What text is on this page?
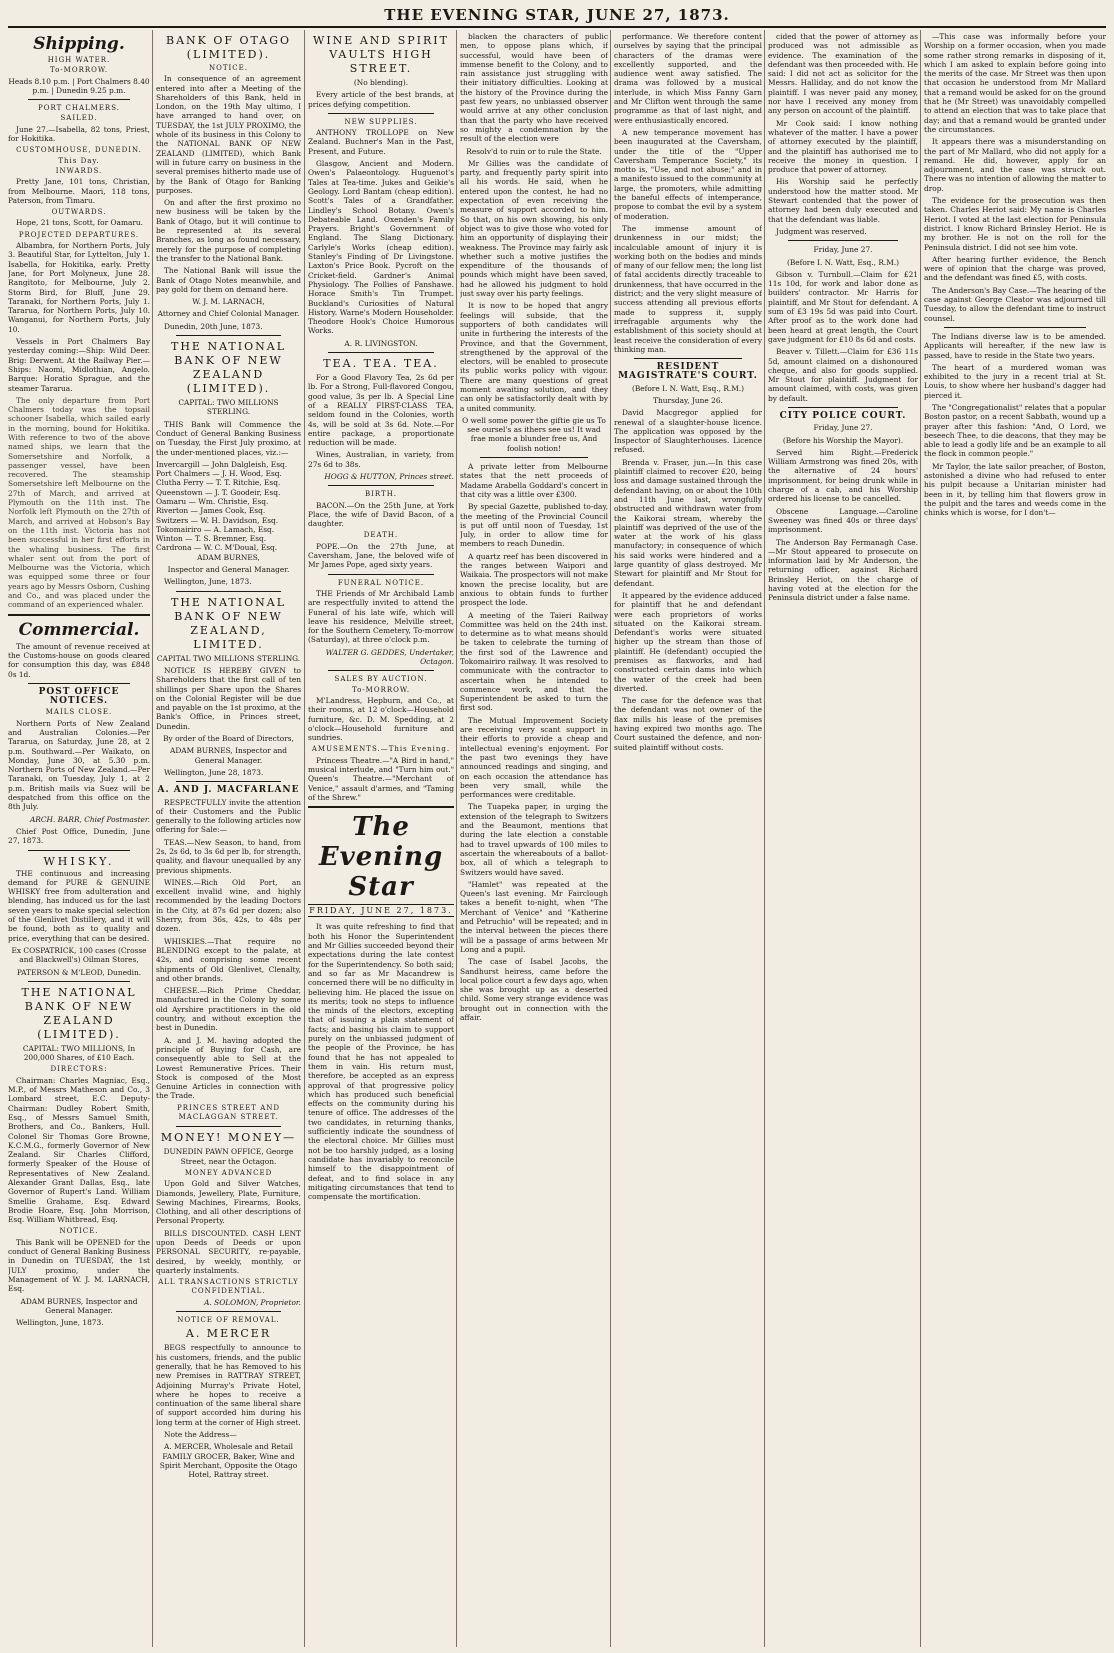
THE EVENING STAR, JUNE 27, 1873.
Shipping.
HIGH WATER.
To-MORROW.

Heads 8.10 p.m. | Port Chalmers 8.40 p.m. | Dunedin 9.25 p.m.

PORT CHALMERS.
SAILED.

June 27.—Isabella, 82 tons, Priest, for Hokitika.

CUSTOMHOUSE, DUNEDIN.
This Day.
INWARDS.

Pretty Jane, 101 tons, Christian, from Melbourne. Maori, 118 tons, Paterson, from Timaru.

OUTWARDS.

Hope, 21 tons, Scott, for Oamaru.

PROJECTED DEPARTURES.

Albambra, for Northern Ports, July 3. Beautiful Star, for Lyttelton, July 1. Isabella, for Hokitika, early. Pretty Jane, for Port Molyneux, June 28. Rangitoto, for Melbourne, July 2. Storm Bird, for Bluff, June 29. Taranaki, for Northern Ports, July 1. Tararua, for Northern Ports, July 10. Wanganui, for Northern Ports, July 10.

Vessels in Port Chalmers Bay yesterday coming:—Ship: Wild Deer. Brig: Derwent. At the Railway Pier.—Ships: Naomi, Midlothian, Angelo. Barque: Horatio Sprague, and the steamer Tararua.

The only departure from Port Chalmers today was the topsail schooner Isabella, which sailed early in the morning, bound for Hokitika. With reference to two of the above named ships, we learn that the Somersetshire and Norfolk, a passenger vessel, have been recovered. The steamship Somersetshire left Melbourne on the 27th of March, and arrived at Plymouth on the 11th inst. The Norfolk left Plymouth on the 27th of March, and arrived at Hobson's Bay on the 11th inst. Victoria has not been successful in her first efforts in the whaling business. The first whaler sent out from the port of Melbourne was the Victoria, which was equipped some three or four years ago by Messrs Osborn, Cushing and Co., and was placed under the command of an experienced whaler.

Commercial.

The amount of revenue received at the Customs-house on goods cleared for consumption this day, was £848 0s 1d.

POST OFFICE NOTICES.
MAILS CLOSE.

Northern Ports of New Zealand and Australian Colonies.—Per Tararua, on Saturday, June 28, at 2 p.m. Southward.—Per Waikato, on Monday, June 30, at 5.30 p.m. Northern Ports of New Zealand.—Per Taranaki, on Tuesday, July 1, at 2 p.m. British mails via Suez will be despatched from this office on the 8th July.

ARCH. BARR, Chief Postmaster.

Chief Post Office, Dunedin, June 27, 1873.

WHISKY.

THE continuous and increasing demand for PURE & GENUINE WHISKY free from adulteration and blending, has induced us for the last seven years to make special selection of the Glenlivet Distillery, and it will be found, both as to quality and price, everything that can be desired.

Ex COSPATRICK, 100 cases (Crosse and Blackwell's) Oilman Stores,

PATERSON & M'LEOD, Dunedin.

THE NATIONAL BANK OF NEW ZEALAND (LIMITED).

CAPITAL: TWO MILLIONS, In 200,000 Shares, of £10 Each.

DIRECTORS:

Chairman: Charles Magniac, Esq., M.P., of Messrs Matheson and Co., 3 Lombard street, E.C. Deputy-Chairman: Dudley Robert Smith, Esq., of Messrs Samuel Smith, Brothers, and Co., Bankers, Hull. Colonel Sir Thomas Gore Browne, K.C.M.G., formerly Governor of New Zealand. Sir Charles Clifford, formerly Speaker of the House of Representatives of New Zealand. Alexander Grant Dallas, Esq., late Governor of Rupert's Land. William Smellie Grahame, Esq. Edward Brodie Hoare, Esq. John Morrison, Esq. William Whitbread, Esq.

NOTICE.

This Bank will be OPENED for the conduct of General Banking Business in Dunedin on TUESDAY, the 1st JULY proximo, under the Management of W. J. M. LARNACH, Esq.

ADAM BURNES, Inspector and General Manager.

Wellington, June, 1873.

BANK OF OTAGO (LIMITED).
NOTICE.

In consequence of an agreement entered into after a Meeting of the Shareholders of this Bank, held in London, on the 19th May ultimo, I have arranged to hand over, on TUESDAY, the 1st JULY PROXIMO, the whole of its business in this Colony to the NATIONAL BANK OF NEW ZEALAND (LIMITED), which Bank will in future carry on business in the several premises hitherto made use of by the Bank of Otago for Banking purposes.

On and after the first proximo no new business will be taken by the Bank of Otago, but it will continue to be represented at its several Branches, as long as found necessary, merely for the purpose of completing the transfer to the National Bank.

The National Bank will issue the Bank of Otago Notes meanwhile, and pay gold for them on demand here.

W. J. M. LARNACH,

Attorney and Chief Colonial Manager.

Dunedin, 20th June, 1873.

THE NATIONAL BANK OF NEW ZEALAND (LIMITED).

CAPITAL: TWO MILLIONS STERLING.

THIS Bank will Commence the Conduct of General Banking Business on Tuesday, the First July proximo, at the under-mentioned places, viz.:—

Invercargill — John Dalgleish, Esq.

Port Chalmers — J. H. Wood, Esq.

Clutha Ferry — T. T. Ritchie, Esq.

Queenstown — J. T. Goodeir, Esq.

Oamaru — Wm. Christie, Esq.

Riverton — James Cook, Esq.

Switzers — W. H. Davidson, Esq.

Tokomairiro — A. Lamach, Esq.

Winton — T. S. Bremner, Esq.

Cardrona — W. C. M'Doual, Esq.

ADAM BURNES,

Inspector and General Manager.

Wellington, June, 1873.

THE NATIONAL BANK OF NEW ZEALAND, LIMITED.

CAPITAL TWO MILLIONS STERLING.

NOTICE IS HEREBY GIVEN to Shareholders that the first call of ten shillings per Share upon the Shares on the Colonial Register will be due and payable on the 1st proximo, at the Bank's Office, in Princes street, Dunedin.

By order of the Board of Directors,

ADAM BURNES, Inspector and General Manager.

Wellington, June 28, 1873.

A. AND J. MACFARLANE

RESPECTFULLY invite the attention of their Customers and the Public generally to the following articles now offering for Sale:—

TEAS.—New Season, to hand, from 2s, 2s 6d, to 3s 6d per lb, for strength, quality, and flavour unequalled by any previous shipments.

WINES.—Rich Old Port, an excellent invalid wine, and highly recommended by the leading Doctors in the City, at 87s 6d per dozen; also Sherry, from 36s, 42s, to 48s per dozen.

WHISKIES.—That require no BLENDING except to the palate, at 42s, and comprising some recent shipments of Old Glenlivet, Clenalty, and other brands.

CHEESE.—Rich Prime Cheddar, manufactured in the Colony by some old Ayrshire practitioners in the old country, and without exception the best in Dunedin.

A. and J. M. having adopted the principle of Buying for Cash, are consequently able to Sell at the Lowest Remunerative Prices. Their Stock is composed of the Most Genuine Articles in connection with the Trade.

PRINCES STREET AND MACLAGGAN STREET.
MONEY! MONEY—

DUNEDIN PAWN OFFICE, George Street, near the Octagon.

MONEY ADVANCED

Upon Gold and Silver Watches, Diamonds, Jewellery, Plate, Furniture, Sewing Machines, Firearms, Books, Clothing, and all other descriptions of Personal Property.

BILLS DISCOUNTED. CASH LENT upon Deeds of Deeds or upon PERSONAL SECURITY, re-payable, desired, by weekly, monthly, or quarterly instalments.

ALL TRANSACTIONS STRICTLY CONFIDENTIAL.

A. SOLOMON, Proprietor.

NOTICE OF REMOVAL.
A. MERCER

BEGS respectfully to announce to his customers, friends, and the public generally, that he has Removed to his new Premises in RATTRAY STREET, Adjoining Murray's Private Hotel, where he hopes to receive a continuation of the same liberal share of support accorded him during his long term at the corner of High street.

Note the Address—

A. MERCER, Wholesale and Retail FAMILY GROCER, Baker, Wine and Spirit Merchant, Opposite the Otago Hotel, Rattray street.

WINE AND SPIRIT VAULTS HIGH STREET.

(No blending).

Every article of the best brands, at prices defying competition.

NEW SUPPLIES.

ANTHONY TROLLOPE on New Zealand. Buchner's Man in the Past, Present, and Future.

Glasgow, Ancient and Modern. Owen's Palaeontology. Huguenot's Tales at Tea-time. Jukes and Geikie's Geology. Lord Bantam (cheap edition). Scott's Tales of a Grandfather. Lindley's School Botany. Owen's Debateable Land. Oxenden's Family Prayers. Bright's Government of England. The Slang Dictionary. Carlyle's Works (cheap edition). Stanley's Finding of Dr Livingstone. Laxton's Price Book. Pycroft on the Cricket-field. Gardner's Animal Physiology. The Follies of Fanshawe. Horace Smith's Tin Trumpet. Buckland's Curiosities of Natural History. Warne's Modern Householder. Theodore Hook's Choice Humorous Works.

A. R. LIVINGSTON.

TEA. TEA. TEA.

For a Good Flavory Tea, 2s 6d per lb. For a Strong, Full-flavored Congou, good value, 3s per lb. A Special Line of a REALLY FIRST-CLASS TEA, seldom found in the Colonies, worth 4s, will be sold at 3s 6d. Note.—For entire package, a proportionate reduction will be made.

Wines, Australian, in variety, from 27s 6d to 38s.

HOGG & HUTTON, Princes street.

BIRTH.

BACON.—On the 25th June, at York Place, the wife of David Bacon, of a daughter.

DEATH.

POPE.—On the 27th June, at Caversham, Jane, the beloved wife of Mr James Pope, aged sixty years.

FUNERAL NOTICE.

THE Friends of Mr Archibald Lamb are respectfully invited to attend the Funeral of his late wife, which will leave his residence, Melville street, for the Southern Cemetery, To-morrow (Saturday), at three o'clock p.m.

WALTER G. GEDDES, Undertaker, Octagon.

SALES BY AUCTION.
To-MORROW.

M'Landress, Hepburn, and Co., at their rooms, at 12 o'clock—Household furniture, &c. D. M. Spedding, at 2 o'clock—Household furniture and sundries.

AMUSEMENTS.—This Evening.

Princess Theatre.—"A Bird in hand," musical interlude, and "Turn him out." Queen's Theatre.—"Merchant of Venice," assault d'armes, and "Taming of the Shrew."

The Evening Star
FRIDAY, JUNE 27, 1873.

It was quite refreshing to find that both his Honor the Superintendent and Mr Gillies succeeded beyond their expectations during the late contest for the Superintendency. So both said; and so far as Mr Macandrew is concerned there will be no difficulty in believing him. He placed the issue on its merits; took no steps to influence the minds of the electors, excepting that of issuing a plain statement of facts; and basing his claim to support purely on the unbiassed judgment of the people of the Province, he has found that he has not appealed to them in vain. His return must, therefore, be accepted as an express approval of that progressive policy which has produced such beneficial effects on the community during his tenure of office. The addresses of the two candidates, in returning thanks, sufficiently indicate the soundness of the electoral choice. Mr Gillies must not be too harshly judged, as a losing candidate has invariably to reconcile himself to the disappointment of defeat, and to find solace in any mitigating circumstances that tend to compensate the mortification.

blacken the characters of public men, to oppose plans which, if successful, would have been of immense benefit to the Colony, and to rain assistance just struggling with their initiatory difficulties. Looking at the history of the Province during the past few years, no unbiassed observer would arrive at any other conclusion than that the party who have received so mighty a condemnation by the result of the election were

Resolv'd to ruin or to rule the State.

Mr Gillies was the candidate of party, and frequently party spirit into all his words. He said, when he entered upon the contest, he had no expectation of even receiving the measure of support accorded to him. So that, on his own showing, his only object was to give those who voted for him an opportunity of displaying their weakness. The Province may fairly ask whether such a motive justifies the expenditure of the thousands of pounds which might have been saved, had he allowed his judgment to hold just sway over his party feelings.

It is now to be hoped that angry feelings will subside, that the supporters of both candidates will unite in furthering the interests of the Province, and that the Government, strengthened by the approval of the electors, will be enabled to prosecute its public works policy with vigour. There are many questions of great moment awaiting solution, and they can only be satisfactorily dealt with by a united community.

O well some power the giftie gie us To see oursel's as ithers see us! It wad frae monie a blunder free us, And foolish notion!

A private letter from Melbourne states that the nett proceeds of Madame Arabella Goddard's concert in that city was a little over £300.

By special Gazette, published to-day, the meeting of the Provincial Council is put off until noon of Tuesday, 1st July, in order to allow time for members to reach Dunedin.

A quartz reef has been discovered in the ranges between Waipori and Waikaia. The prospectors will not make known the precise locality, but are anxious to obtain funds to further prospect the lode.

A meeting of the Taieri Railway Committee was held on the 24th inst. to determine as to what means should be taken to celebrate the turning of the first sod of the Lawrence and Tokomairiro railway. It was resolved to communicate with the contractor to ascertain when he intended to commence work, and that the Superintendent be asked to turn the first sod.

The Mutual Improvement Society are receiving very scant support in their efforts to provide a cheap and intellectual evening's enjoyment. For the past two evenings they have announced readings and singing, and on each occasion the attendance has been very small, while the performances were creditable.

The Tuapeka paper, in urging the extension of the telegraph to Switzers and the Beaumont, mentions that during the late election a constable had to travel upwards of 100 miles to ascertain the whereabouts of a ballot-box, all of which a telegraph to Switzers would have saved.

"Hamlet" was repeated at the Queen's last evening. Mr Fairclough takes a benefit to-night, when "The Merchant of Venice" and "Katherine and Petruchio" will be repeated; and in the interval between the pieces there will be a passage of arms between Mr Long and a pupil.

The case of Isabel Jacobs, the Sandhurst heiress, came before the local police court a few days ago, when she was brought up as a deserted child. Some very strange evidence was brought out in connection with the affair.

performance. We therefore content ourselves by saying that the principal characters of the dramas were excellently supported, and the audience went away satisfied. The drama was followed by a musical interlude, in which Miss Fanny Garn and Mr Clifton went through the same programme as that of last night, and were enthusiastically encored.

A new temperance movement has been inaugurated at the Caversham, under the title of the "Upper Caversham Temperance Society," its motto is, "Use, and not abuse;" and in a manifesto issued to the community at large, the promoters, while admitting the baneful effects of intemperance, propose to combat the evil by a system of moderation.

The immense amount of drunkenness in our midst; the incalculable amount of injury it is working both on the bodies and minds of many of our fellow men; the long list of fatal accidents directly traceable to drunkenness, that have occurred in the district; and the very slight measure of success attending all previous efforts made to suppress it, supply irrefragable arguments why the establishment of this society should at least receive the consideration of every thinking man.

RESIDENT MAGISTRATE'S COURT.

(Before I. N. Watt, Esq., R.M.)

Thursday, June 26.

David Macgregor applied for renewal of a slaughter-house licence. The application was opposed by the Inspector of Slaughterhouses. Licence refused.

Brenda v. Fraser, jun.—In this case plaintiff claimed to recover £20, being loss and damage sustained through the defendant having, on or about the 10th and 11th June last, wrongfully obstructed and withdrawn water from the Kaikorai stream, whereby the plaintiff was deprived of the use of the water at the work of his glass manufactory; in consequence of which his said works were hindered and a large quantity of glass destroyed. Mr Stewart for plaintiff and Mr Stout for defendant.

It appeared by the evidence adduced for plaintiff that he and defendant were each proprietors of works situated on the Kaikorai stream. Defendant's works were situated higher up the stream than those of plaintiff. He (defendant) occupied the premises as flaxworks, and had constructed certain dams into which the water of the creek had been diverted.

The case for the defence was that the defendant was not owner of the flax mills his lease of the premises having expired two months ago. The Court sustained the defence, and non-suited plaintiff without costs.

cided that the power of attorney as produced was not admissible as evidence. The examination of the defendant was then proceeded with. He said: I did not act as solicitor for the Messrs. Halliday, and do not know the plaintiff. I was never paid any money, nor have I received any money from any person on account of the plaintiff.

Mr Cook said: I know nothing whatever of the matter. I have a power of attorney executed by the plaintiff, and the plaintiff has authorised me to receive the money in question. I produce that power of attorney.

His Worship said he perfectly understood how the matter stood. Mr Stewart contended that the power of attorney had been duly executed and that the defendant was liable.

Judgment was reserved.

Friday, June 27.

(Before I. N. Watt, Esq., R.M.)

Gibson v. Turnbull.—Claim for £21 11s 10d, for work and labor done as builders' contractor. Mr Harris for plaintiff, and Mr Stout for defendant. A sum of £3 19s 5d was paid into Court. After proof as to the work done had been heard at great length, the Court gave judgment for £10 8s 6d and costs.

Beaver v. Tillett.—Claim for £36 11s 5d, amount claimed on a dishonoured cheque, and also for goods supplied. Mr Stout for plaintiff. Judgment for amount claimed, with costs, was given by default.

CITY POLICE COURT.

Friday, June 27.

(Before his Worship the Mayor).

Served him Right.—Frederick William Armstrong was fined 20s, with the alternative of 24 hours' imprisonment, for being drunk while in charge of a cab, and his Worship ordered his license to be cancelled.

Obscene Language.—Caroline Sweeney was fined 40s or three days' imprisonment.

The Anderson Bay Fermanagh Case.—Mr Stout appeared to prosecute on information laid by Mr Anderson, the returning officer, against Richard Brinsley Heriot, on the charge of having voted at the election for the Peninsula district under a false name.

—This case was informally before your Worship on a former occasion, when you made some rather strong remarks in disposing of it, which I am asked to explain before going into the merits of the case. Mr Street was then upon that occasion he understood from Mr Mallard that a remand would be asked for on the ground that he (Mr Street) was unavoidably compelled to attend an election that was to take place that day; and that a remand would be granted under the circumstances.

It appears there was a misunderstanding on the part of Mr Mallard, who did not apply for a remand. He did, however, apply for an adjournment, and the case was struck out. There was no intention of allowing the matter to drop.

The evidence for the prosecution was then taken. Charles Heriot said: My name is Charles Heriot. I voted at the last election for Peninsula district. I know Richard Brinsley Heriot. He is my brother. He is not on the roll for the Peninsula district. I did not see him vote.

After hearing further evidence, the Bench were of opinion that the charge was proved, and the defendant was fined £5, with costs.

The Anderson's Bay Case.—The hearing of the case against George Cleator was adjourned till Tuesday, to allow the defendant time to instruct counsel.

The Indians diverse law is to be amended. Applicants will hereafter, if the new law is passed, have to reside in the State two years.

The heart of a murdered woman was exhibited to the jury in a recent trial at St. Louis, to show where her husband's dagger had pierced it.

The "Congregationalist" relates that a popular Boston pastor, on a recent Sabbath, wound up a prayer after this fashion: "And, O Lord, we beseech Thee, to die deacons, that they may be able to lead a godly life and be an example to all the flock in common people."

Mr Taylor, the late sailor preacher, of Boston, astonished a divine who had refused to enter his pulpit because a Unitarian minister had been in it, by telling him that flowers grow in the pulpit and the tares and weeds come in the chinks which is worse, for I don't—
